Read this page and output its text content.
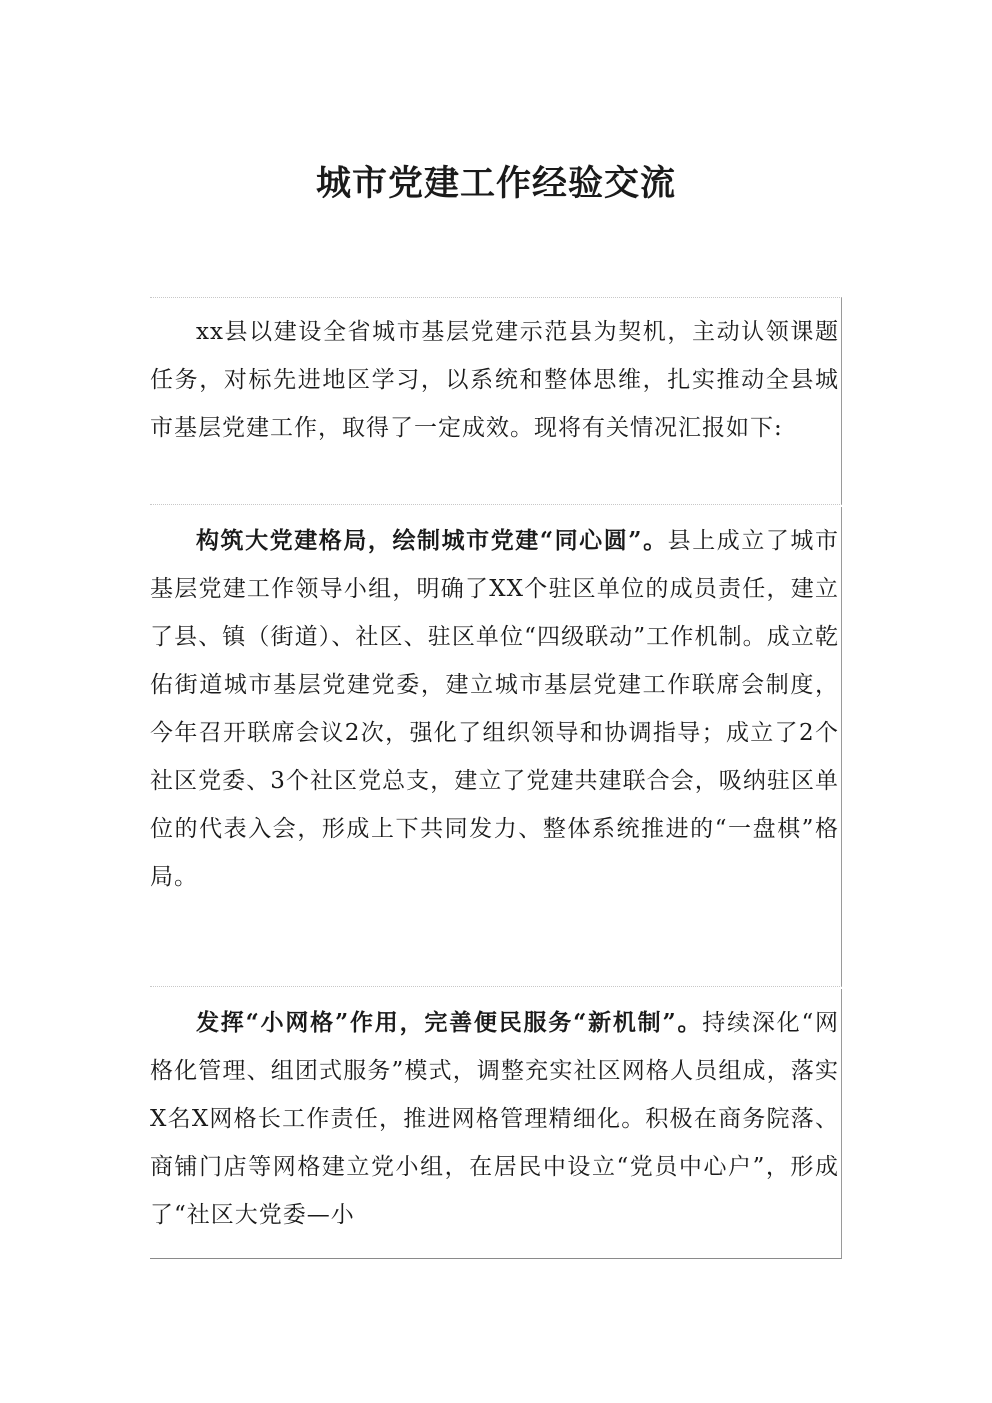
城市党建工作经验交流

xx县以建设全省城市基层党建示范县为契机，主动认领课题任务，对标先进地区学习，以系统和整体思维，扎实推动全县城市基层党建工作，取得了一定成效。现将有关情况汇报如下:

构筑大党建格局，绘制城市党建“同心圆”。县上成立了城市基层党建工作领导小组，明确了XX个驻区单位的成员责任，建立了县、镇（街道）、社区、驻区单位“四级联动”工作机制。成立乾佑街道城市基层党建党委，建立城市基层党建工作联席会制度，今年召开联席会议2次，强化了组织领导和协调指导；成立了2个社区党委、3个社区党总支，建立了党建共建联合会，吸纳驻区单位的代表入会，形成上下共同发力、整体系统推进的“一盘棋”格局。

发挥“小网格”作用，完善便民服务“新机制”。持续深化“网格化管理、组团式服务”模式，调整充实社区网格人员组成，落实X名X网格长工作责任，推进网格管理精细化。积极在商务院落、商铺门店等网格建立党小组，在居民中设立“党员中心户”，形成了“社区大党委—小
